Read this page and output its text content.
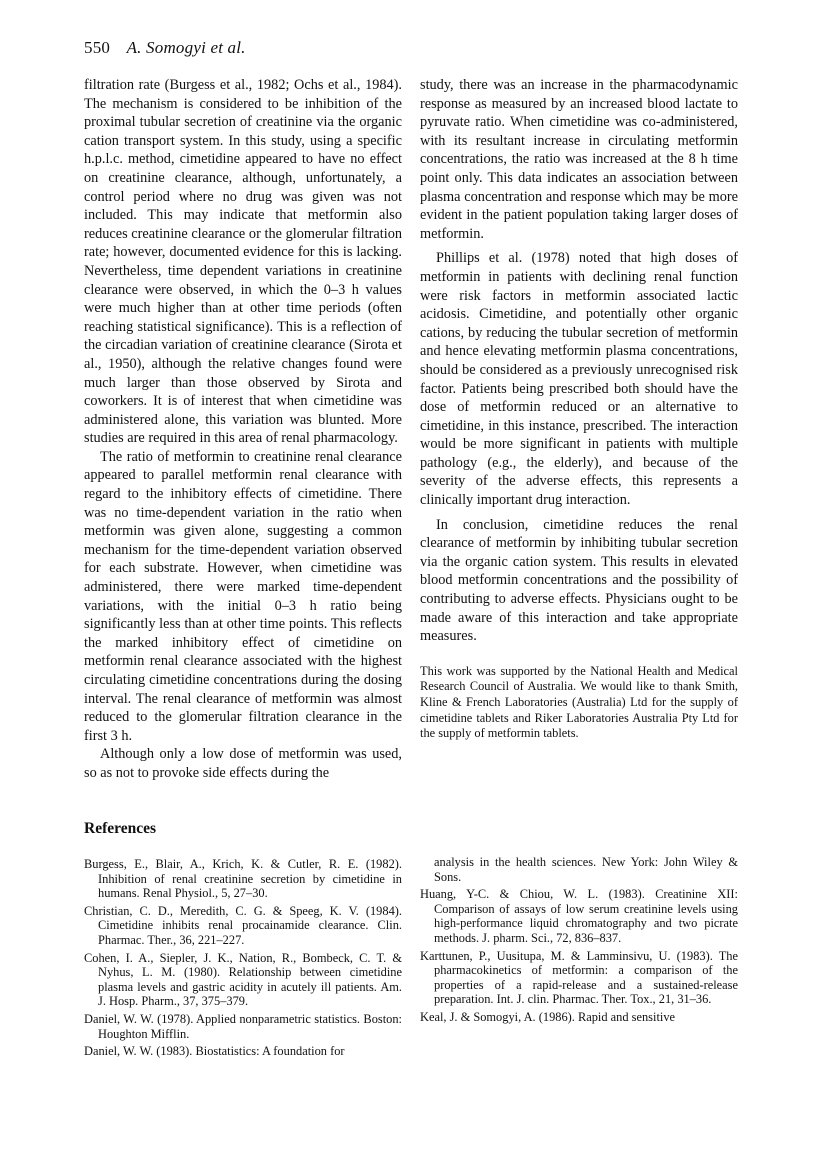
550 A. Somogyi et al.

filtration rate (Burgess et al., 1982; Ochs et al., 1984). The mechanism is considered to be inhibition of the proximal tubular secretion of creatinine via the organic cation transport system. In this study, using a specific h.p.l.c. method, cimetidine appeared to have no effect on creatinine clearance, although, unfortunately, a control period where no drug was given was not included. This may indicate that metformin also reduces creatinine clearance or the glomerular filtration rate; however, documented evidence for this is lacking. Nevertheless, time dependent variations in creatinine clearance were observed, in which the 0–3 h values were much higher than at other time periods (often reaching statistical significance). This is a reflection of the circadian variation of creatinine clearance (Sirota et al., 1950), although the relative changes found were much larger than those observed by Sirota and coworkers. It is of interest that when cimetidine was administered alone, this variation was blunted. More studies are required in this area of renal pharmacology.

The ratio of metformin to creatinine renal clearance appeared to parallel metformin renal clearance with regard to the inhibitory effects of cimetidine. There was no time-dependent variation in the ratio when metformin was given alone, suggesting a common mechanism for the time-dependent variation observed for each substrate. However, when cimetidine was administered, there were marked time-dependent variations, with the initial 0–3 h ratio being significantly less than at other time points. This reflects the marked inhibitory effect of cimetidine on metformin renal clearance associated with the highest circulating cimetidine concentrations during the dosing interval. The renal clearance of metformin was almost reduced to the glomerular filtration clearance in the first 3 h.

Although only a low dose of metformin was used, so as not to provoke side effects during the

study, there was an increase in the pharmacodynamic response as measured by an increased blood lactate to pyruvate ratio. When cimetidine was co-administered, with its resultant increase in circulating metformin concentrations, the ratio was increased at the 8 h time point only. This data indicates an association between plasma concentration and response which may be more evident in the patient population taking larger doses of metformin.

Phillips et al. (1978) noted that high doses of metformin in patients with declining renal function were risk factors in metformin associated lactic acidosis. Cimetidine, and potentially other organic cations, by reducing the tubular secretion of metformin and hence elevating metformin plasma concentrations, should be considered as a previously unrecognised risk factor. Patients being prescribed both should have the dose of metformin reduced or an alternative to cimetidine, in this instance, prescribed. The interaction would be more significant in patients with multiple pathology (e.g., the elderly), and because of the severity of the adverse effects, this represents a clinically important drug interaction.

In conclusion, cimetidine reduces the renal clearance of metformin by inhibiting tubular secretion via the organic cation system. This results in elevated blood metformin concentrations and the possibility of contributing to adverse effects. Physicians ought to be made aware of this interaction and take appropriate measures.

This work was supported by the National Health and Medical Research Council of Australia. We would like to thank Smith, Kline & French Laboratories (Australia) Ltd for the supply of cimetidine tablets and Riker Laboratories Australia Pty Ltd for the supply of metformin tablets.

References

Burgess, E., Blair, A., Krich, K. & Cutler, R. E. (1982). Inhibition of renal creatinine secretion by cimetidine in humans. Renal Physiol., 5, 27–30.

Christian, C. D., Meredith, C. G. & Speeg, K. V. (1984). Cimetidine inhibits renal procainamide clearance. Clin. Pharmac. Ther., 36, 221–227.

Cohen, I. A., Siepler, J. K., Nation, R., Bombeck, C. T. & Nyhus, L. M. (1980). Relationship between cimetidine plasma levels and gastric acidity in acutely ill patients. Am. J. Hosp. Pharm., 37, 375–379.

Daniel, W. W. (1978). Applied nonparametric statistics. Boston: Houghton Mifflin.

Daniel, W. W. (1983). Biostatistics: A foundation for

analysis in the health sciences. New York: John Wiley & Sons.

Huang, Y-C. & Chiou, W. L. (1983). Creatinine XII: Comparison of assays of low serum creatinine levels using high-performance liquid chromatography and two picrate methods. J. pharm. Sci., 72, 836–837.

Karttunen, P., Uusitupa, M. & Lamminsivu, U. (1983). The pharmacokinetics of metformin: a comparison of the properties of a rapid-release and a sustained-release preparation. Int. J. clin. Pharmac. Ther. Tox., 21, 31–36.

Keal, J. & Somogyi, A. (1986). Rapid and sensitive
